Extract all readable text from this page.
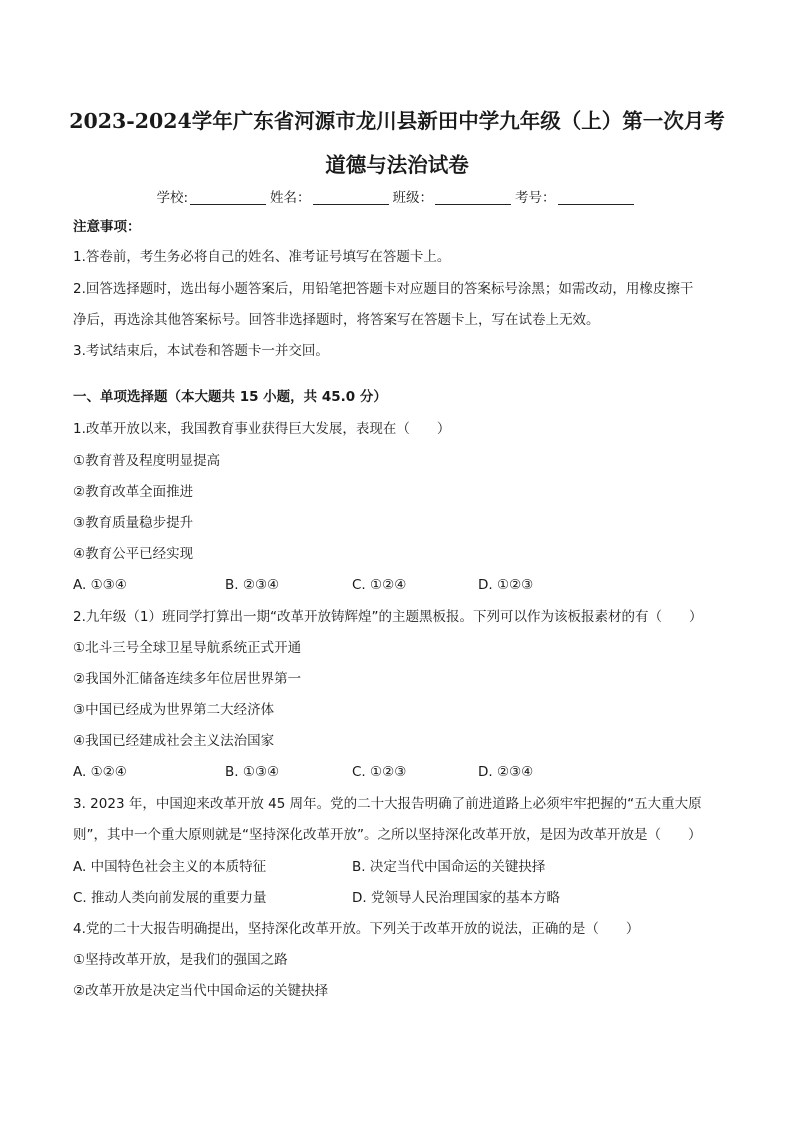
2023-2024学年广东省河源市龙川县新田中学九年级（上）第一次月考
道德与法治试卷
学校:	姓名：	班级：	考号：
注意事项：
1.答卷前，考生务必将自己的姓名、准考证号填写在答题卡上。
2.回答选择题时，选出每小题答案后，用铅笔把答题卡对应题目的答案标号涂黑；如需改动，用橡皮擦干
净后，再选涂其他答案标号。回答非选择题时，将答案写在答题卡上，写在试卷上无效。
3.考试结束后，本试卷和答题卡一并交回。
一、单项选择题（本大题共 15 小题，共 45.0 分）
1.改革开放以来，我国教育事业获得巨大发展，表现在（　　）
①教育普及程度明显提高
②教育改革全面推进
③教育质量稳步提升
④教育公平已经实现
A. ①③④	B. ②③④	C. ①②④	D. ①②③
2.九年级（1）班同学打算出一期“改革开放铸辉煌”的主题黑板报。下列可以作为该板报素材的有（　　）
①北斗三号全球卫星导航系统正式开通
②我国外汇储备连续多年位居世界第一
③中国已经成为世界第二大经济体
④我国已经建成社会主义法治国家
A. ①②④	B. ①③④	C. ①②③	D. ②③④
3. 2023 年，中国迎来改革开放 45 周年。党的二十大报告明确了前进道路上必须牢牢把握的“五大重大原
则”，其中一个重大原则就是“坚持深化改革开放”。之所以坚持深化改革开放，是因为改革开放是（　　）
A. 中国特色社会主义的本质特征	B. 决定当代中国命运的关键抉择
C. 推动人类向前发展的重要力量	D. 党领导人民治理国家的基本方略
4.党的二十大报告明确提出，坚持深化改革开放。下列关于改革开放的说法，正确的是（　　）
①坚持改革开放，是我们的强国之路
②改革开放是决定当代中国命运的关键抉择
